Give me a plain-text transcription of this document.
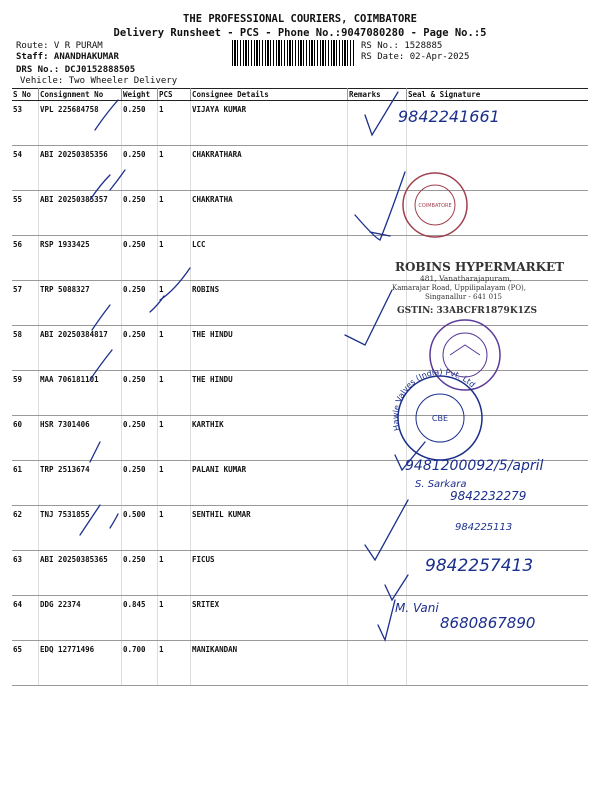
THE PROFESSIONAL COURIERS, COIMBATORE
Delivery Runsheet - PCS - Phone No.:9047080280 - Page No.:5
Route: V R PURAM
Staff: ANANDHAKUMAR
DRS No.: DCJ0152888505
Vehicle: Two Wheeler Delivery
RS No.: 1528885
RS Date: 02-Apr-2025
S No	Consignment No	Weight	PCS	Consignee Details	Remarks	Seal & Signature
53	VPL 225684758	0.250	1	VIJAYA KUMAR		
54	ABI 20250385356	0.250	1	CHAKRATHARA		
55	ABI 20250385357	0.250	1	CHAKRATHA		
56	RSP 1933425	0.250	1	LCC		
57	TRP 5088327	0.250	1	ROBINS		
58	ABI 20250384817	0.250	1	THE HINDU		
59	MAA 706181101	0.250	1	THE HINDU		
60	HSR 7301406	0.250	1	KARTHIK		
61	TRP 2513674	0.250	1	PALANI KUMAR		
62	TNJ 7531855	0.500	1	SENTHIL KUMAR		
63	ABI 20250385365	0.250	1	FICUS		
64	DDG 22374	0.845	1	SRITEX		
65	EDQ 12771496	0.700	1	MANIKANDAN		
COIMBATORE
ROBINS HYPERMARKET
481, Vanatharajapuram,
Kamarajar Road, Uppilipalayam (PO),
Singanallur - 641 015
GSTIN: 33ABCFR1879K1ZS
Hawle Valves (India) Pvt. Ltd.
CBE
9842241661
9481200092/5/april
S. Sarkara
9842232279
984225113
9842257413
M. Vani
8680867890
